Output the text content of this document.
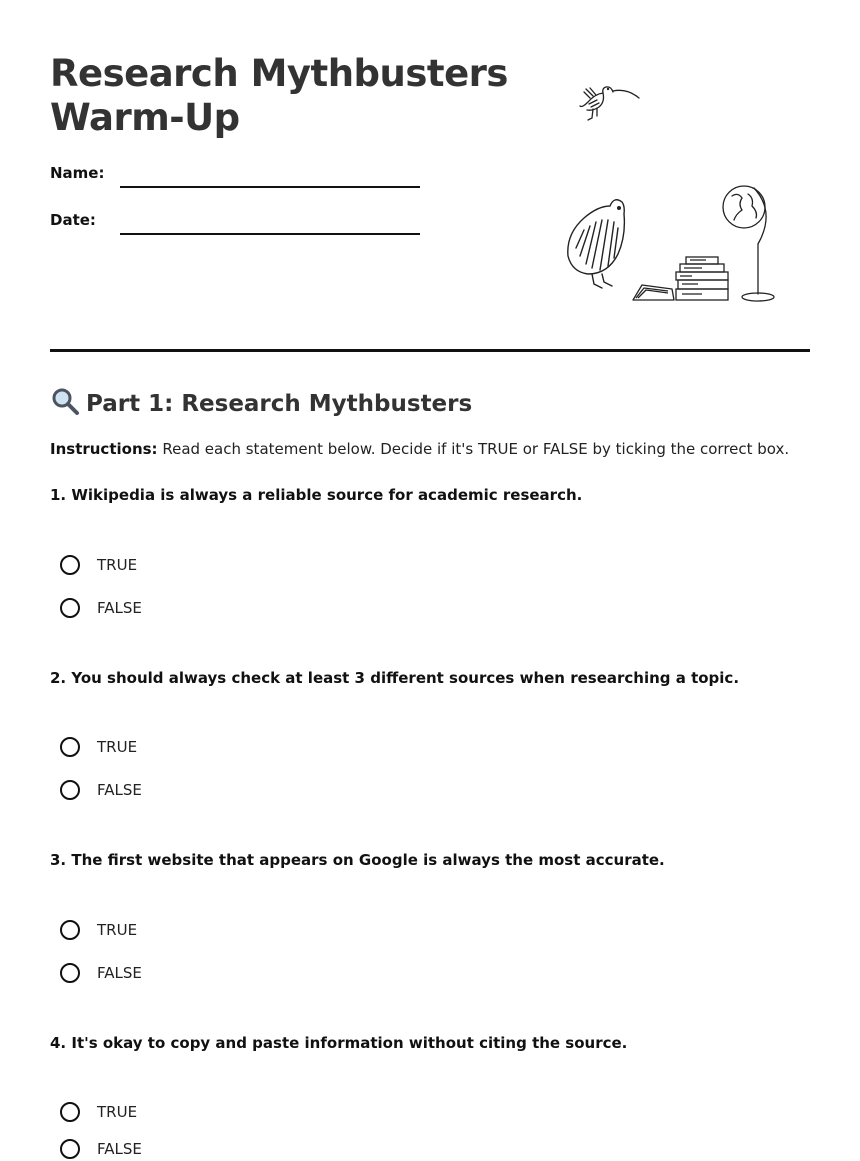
Research Mythbusters
Warm-Up
Name:
Date:
Part 1: Research Mythbusters
Instructions: Read each statement below. Decide if it's TRUE or FALSE by ticking the correct box.
1. Wikipedia is always a reliable source for academic research.
TRUE
FALSE
2. You should always check at least 3 different sources when researching a topic.
TRUE
FALSE
3. The first website that appears on Google is always the most accurate.
TRUE
FALSE
4. It's okay to copy and paste information without citing the source.
TRUE
FALSE
